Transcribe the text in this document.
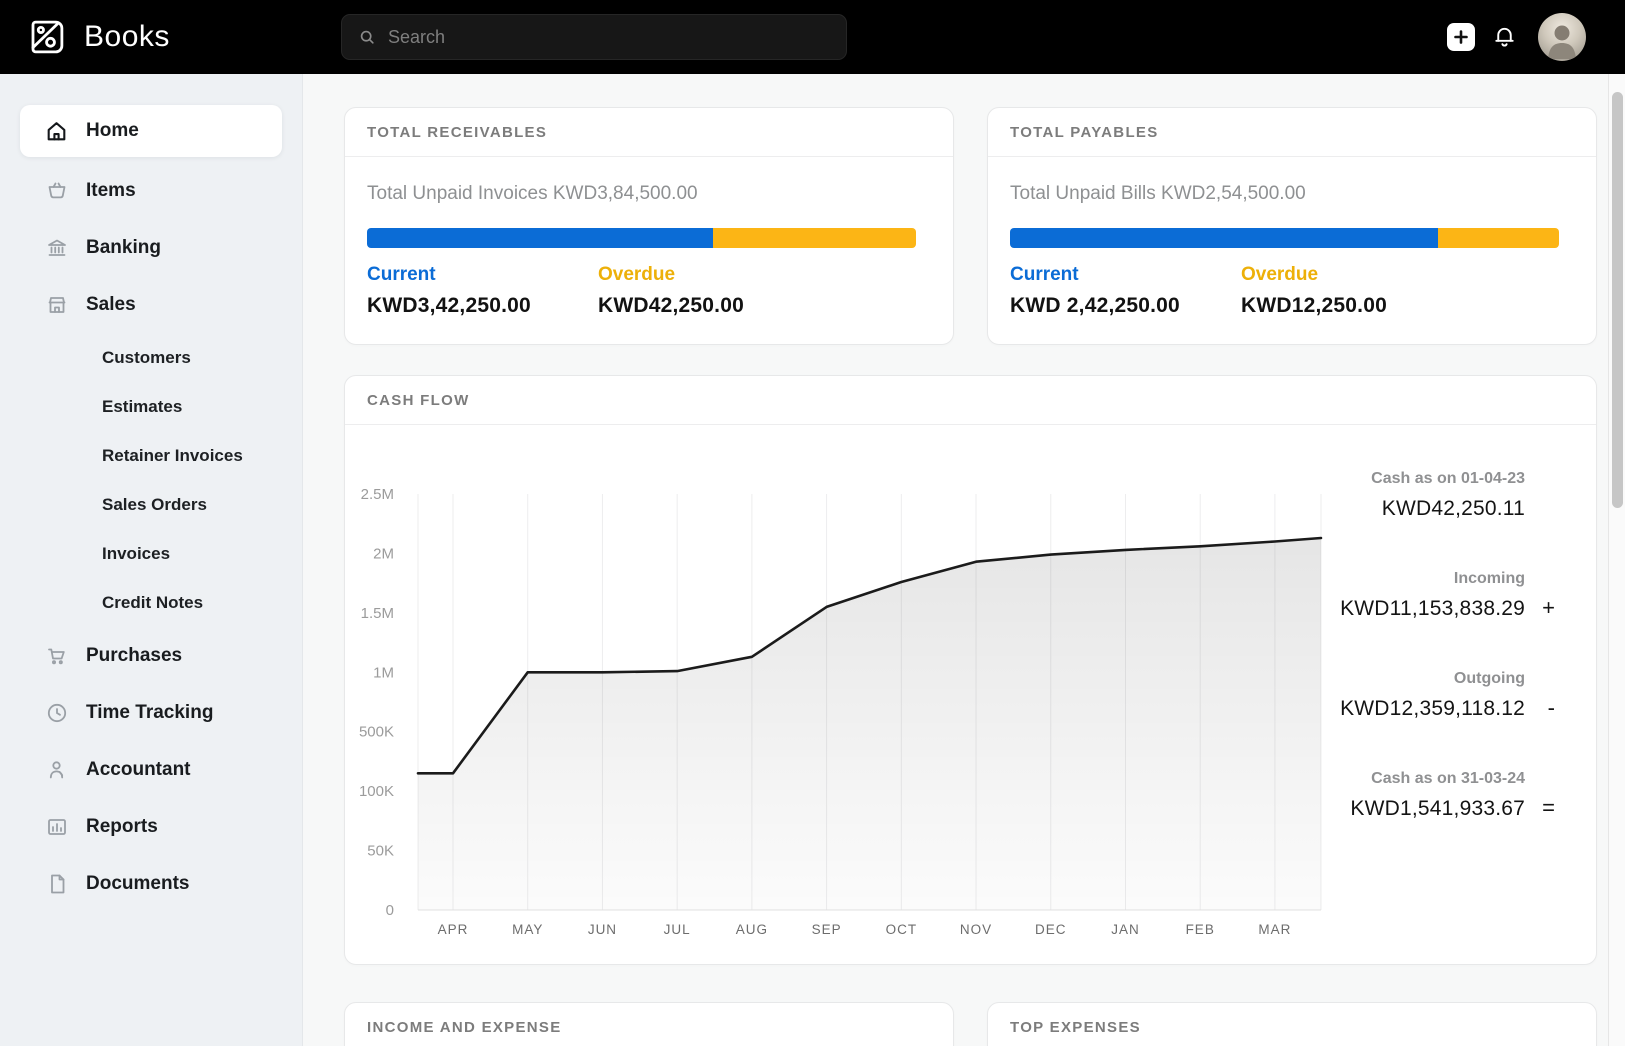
Books
Search
Home
Items
Banking
Sales
Customers
Estimates
Retainer Invoices
Sales Orders
Invoices
Credit Notes
Purchases
Time Tracking
Accountant
Reports
Documents
TOTAL RECEIVABLES
Total Unpaid Invoices KWD3,84,500.00
Current
KWD3,42,250.00
Overdue
KWD42,250.00
TOTAL PAYABLES
Total Unpaid Bills KWD2,54,500.00
Current
KWD 2,42,250.00
Overdue
KWD12,250.00
CASH FLOW
0
50K
100K
500K
1M
1.5M
2M
2.5M
APR	MAY	JUN	JUL	AUG	SEP	OCT	NOV	DEC	JAN	FEB	MAR
Cash as on 01-04-23
KWD42,250.11
Incoming
KWD11,153,838.29 +
Outgoing
KWD12,359,118.12	-
Cash as on 31-03-24
KWD1,541,933.67 =
INCOME AND EXPENSE	TOP EXPENSES
